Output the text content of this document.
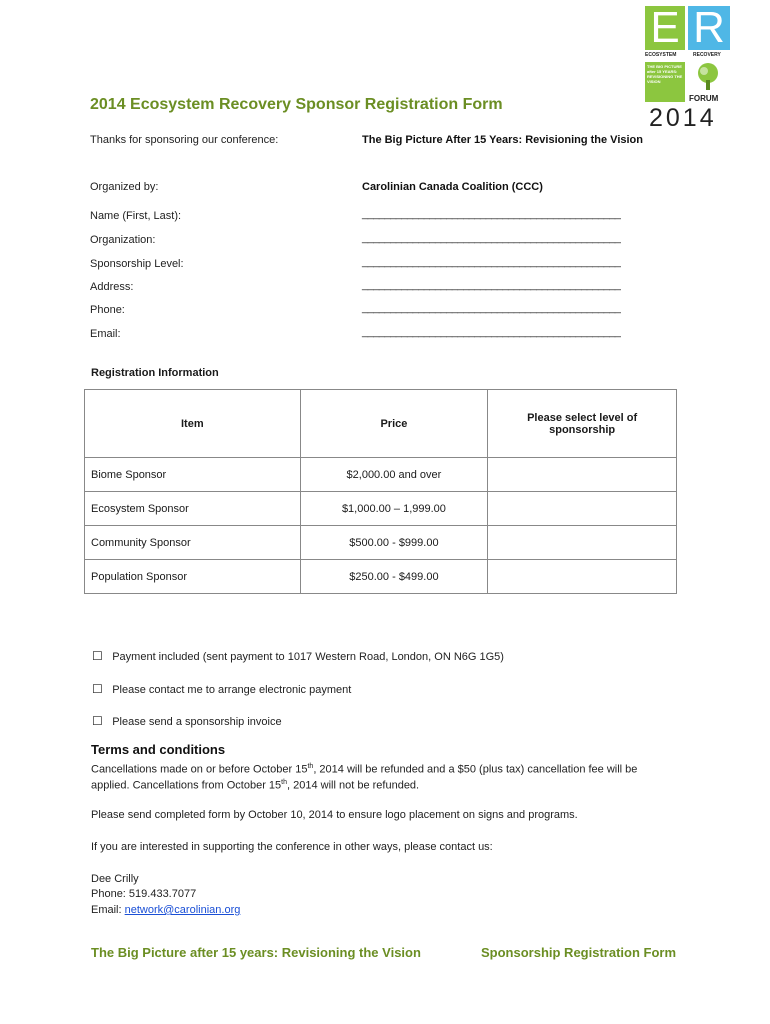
E R
ECOSYSTEM	RECOVERY
THE BIG PICTURE after 15 YEARS: REVISIONING THE VISION
FORUM
2014
2014 Ecosystem Recovery Sponsor Registration Form
Thanks for sponsoring our conference:	The Big Picture After 15 Years: Revisioning the Vision
Organized by:	Carolinian Canada Coalition (CCC)
Name (First, Last):	______________________________________________
Organization:	______________________________________________
Sponsorship Level:	______________________________________________
Address:	______________________________________________
Phone:	______________________________________________
Email:	______________________________________________
Registration Information
Item	Price	Please select level of sponsorship
Biome Sponsor	$2,000.00 and over	
Ecosystem Sponsor	$1,000.00 – 1,999.00	
Community Sponsor	$500.00 - $999.00	
Population Sponsor	$250.00 - $499.00	
☐ Payment included (sent payment to 1017 Western Road, London, ON N6G 1G5)
☐ Please contact me to arrange electronic payment
☐ Please send a sponsorship invoice
Terms and conditions
Cancellations made on or before October 15th, 2014 will be refunded and a $50 (plus tax) cancellation fee will be
applied. Cancellations from October 15th, 2014 will not be refunded.
Please send completed form by October 10, 2014 to ensure logo placement on signs and programs.
If you are interested in supporting the conference in other ways, please contact us:
Dee Crilly
Phone: 519.433.7077
Email: network@carolinian.org
The Big Picture after 15 years: Revisioning the Vision	Sponsorship Registration Form
